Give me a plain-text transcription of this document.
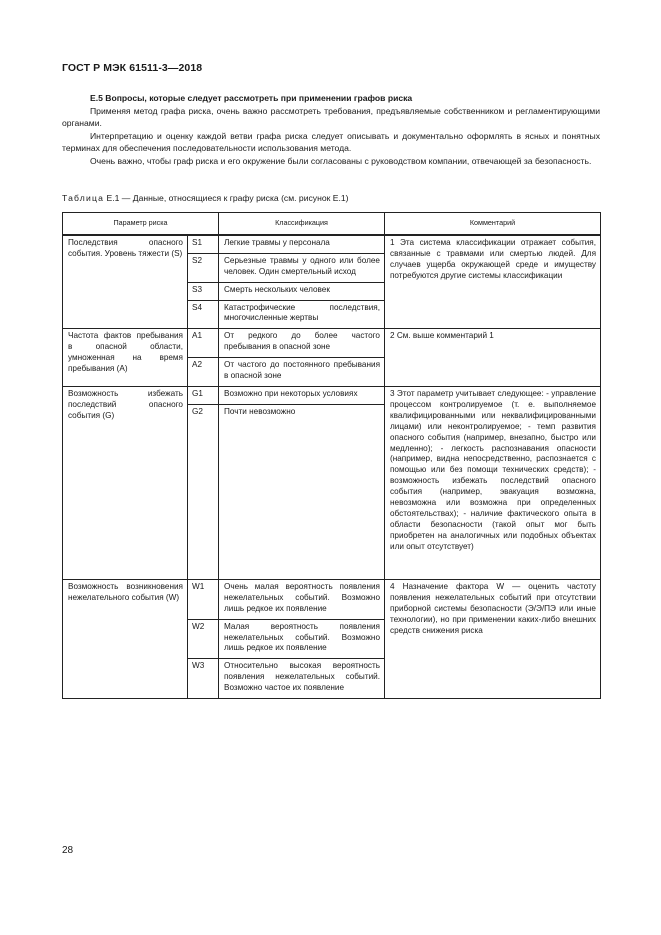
ГОСТ Р МЭК 61511-3—2018
Е.5 Вопросы, которые следует рассмотреть при применении графов риска

Применяя метод графа риска, очень важно рассмотреть требования, предъявляемые собственником и регламентирующими органами.

Интерпретацию и оценку каждой ветви графа риска следует описывать и документально оформлять в ясных и понятных терминах для обеспечения последовательности использования метода.

Очень важно, чтобы граф риска и его окружение были согласованы с руководством компании, отвечающей за безопасность.

Таблица Е.1 — Данные, относящиеся к графу риска (см. рисунок Е.1)
Параметр риска		Классификация	Комментарий
Последствия опасного события. Уровень тяжести (S)	S1	Легкие травмы у персонала	1 Эта система классификации отражает события, связанные с травмами или смертью людей. Для случаев ущерба окружающей среде и имуществу потребуются другие системы классификации
	S2	Серьезные травмы у одного или более человек. Один смертельный исход	
	S3	Смерть нескольких человек	
	S4	Катастрофические последствия, многочисленные жертвы	
Частота фактов пребывания в опасной области, умноженная на время пребывания (А)	А1	От редкого до более частого пребывания в опасной зоне	2 См. выше комментарий 1
	А2	От частого до постоянного пребывания в опасной зоне	
Возможность избежать последствий опасного события (G)	G1	Возможно при некоторых условиях	3 Этот параметр учитывает следующее: - управление процессом контролируемое (т. е. выполняемое квалифицированными или неквалифицированными лицами) или неконтролируемое; - темп развития опасного события (например, внезапно, быстро или медленно); - легкость распознавания опасности (например, видна непосредственно, распознается с помощью или без помощи технических средств); - возможность избежать последствий опасного события (например, эвакуация возможна, невозможна или возможна при определенных обстоятельствах); - наличие фактического опыта в области безопасности (такой опыт мог быть приобретен на аналогичных или подобных объектах или опыт отсутствует)
	G2	Почти невозможно	
Возможность возникновения нежелательного события (W)	W1	Очень малая вероятность появления нежелательных событий. Возможно лишь редкое их появление	4 Назначение фактора W — оценить частоту появления нежелательных событий при отсутствии приборной системы безопасности (Э/Э/ПЭ или иные технологии), но при применении каких-либо внешних средств снижения риска
	W2	Малая вероятность появления нежелательных событий. Возможно лишь редкое их появление	
	W3	Относительно высокая вероятность появления нежелательных событий. Возможно частое их появление	
28
